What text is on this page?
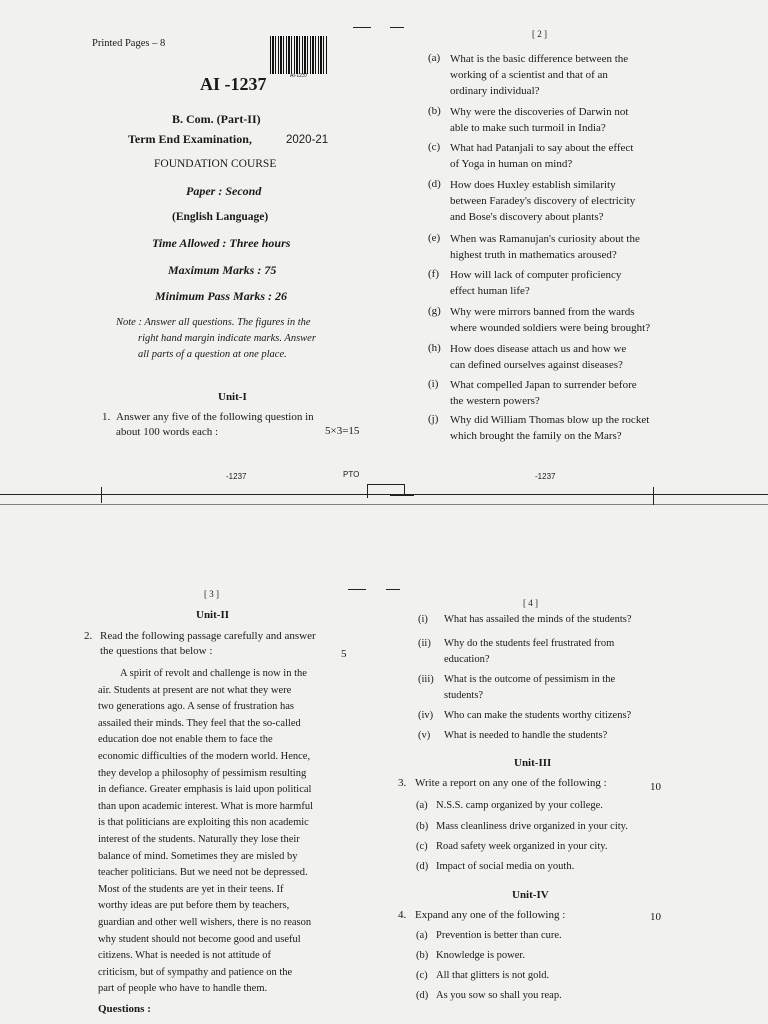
Printed Pages – 8
AI-1237
AI -1237
B. Com. (Part-II)
Term End Examination,	2020-21
FOUNDATION COURSE
Paper : Second
(English Language)
Time Allowed : Three hours
Maximum Marks : 75
Minimum Pass Marks : 26
Note : Answer all questions. The figures in the
right hand margin indicate marks. Answer
all parts of a question at one place.
Unit-I
1. Answer any five of the following question in
about 100 words each :	5×3=15
-1237	PTO
[ 2 ]
(a) What is the basic difference between the
working of a scientist and that of an
ordinary individual?
(b) Why were the discoveries of Darwin not
able to make such turmoil in India?
(c) What had Patanjali to say about the effect
of Yoga in human on mind?
(d) How does Huxley establish similarity
between Faradey's discovery of electricity
and Bose's discovery about plants?
(e) When was Ramanujan's curiosity about the
highest truth in mathematics aroused?
(f) How will lack of computer proficiency
effect human life?
(g) Why were mirrors banned from the wards
where wounded soldiers were being brought?
(h) How does disease attach us and how we
can defined ourselves against diseases?
(i) What compelled Japan to surrender before
the western powers?
(j) Why did William Thomas blow up the rocket
which brought the family on the Mars?
-1237
[ 3 ]
Unit-II
2. Read the following passage carefully and answer
the questions that below :	5
A spirit of revolt and challenge is now in the
air. Students at present are not what they were
two generations ago. A sense of frustration has
assailed their minds. They feel that the so-called
education doe not enable them to face the
economic difficulties of the modern world. Hence,
they develop a philosophy of pessimism resulting
in defiance. Greater emphasis is laid upon political
than upon academic interest. What is more harmful
is that politicians are exploiting this non academic
interest of the students. Naturally they lose their
balance of mind. Sometimes they are misled by
teacher politicians. But we need not be depressed.
Most of the students are yet in their teens. If
worthy ideas are put before them by teachers,
guardian and other well wishers, there is no reason
why student should not become good and useful
citizens. What is needed is not attitude of
criticism, but of sympathy and patience on the
part of people who have to handle them.
Questions :
[ 4 ]
(i) What has assailed the minds of the students?
(ii) Why do the students feel frustrated from
education?
(iii) What is the outcome of pessimism in the
students?
(iv) Who can make the students worthy citizens?
(v) What is needed to handle the students?
Unit-III
3. Write a report on any one of the following :	10
(a) N.S.S. camp organized by your college.
(b) Mass cleanliness drive organized in your city.
(c) Road safety week organized in your city.
(d) Impact of social media on youth.
Unit-IV
4. Expand any one of the following :	10
(a) Prevention is better than cure.
(b) Knowledge is power.
(c) All that glitters is not gold.
(d) As you sow so shall you reap.
